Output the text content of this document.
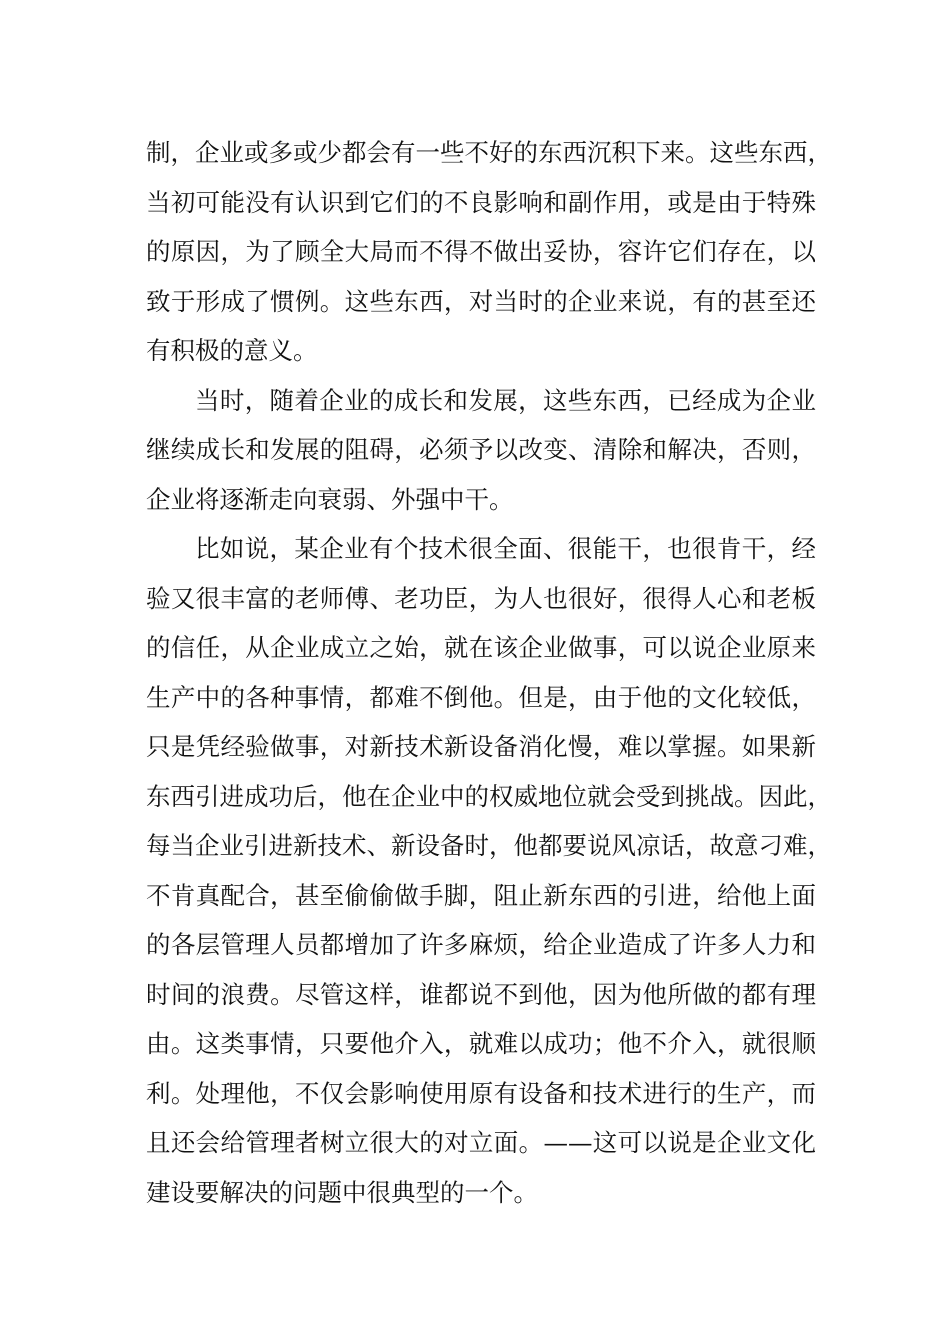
制，企业或多或少都会有一些不好的东西沉积下来。这些东西，
当初可能没有认识到它们的不良影响和副作用，或是由于特殊
的原因，为了顾全大局而不得不做出妥协，容许它们存在，以
致于形成了惯例。这些东西，对当时的企业来说，有的甚至还
有积极的意义。
当时，随着企业的成长和发展，这些东西，已经成为企业
继续成长和发展的阻碍，必须予以改变、清除和解决，否则，
企业将逐渐走向衰弱、外强中干。
比如说，某企业有个技术很全面、很能干，也很肯干，经
验又很丰富的老师傅、老功臣，为人也很好，很得人心和老板
的信任，从企业成立之始，就在该企业做事，可以说企业原来
生产中的各种事情，都难不倒他。但是，由于他的文化较低，
只是凭经验做事，对新技术新设备消化慢，难以掌握。如果新
东西引进成功后，他在企业中的权威地位就会受到挑战。因此，
每当企业引进新技术、新设备时，他都要说风凉话，故意刁难，
不肯真配合，甚至偷偷做手脚，阻止新东西的引进，给他上面
的各层管理人员都增加了许多麻烦，给企业造成了许多人力和
时间的浪费。尽管这样，谁都说不到他，因为他所做的都有理
由。这类事情，只要他介入，就难以成功；他不介入，就很顺
利。处理他，不仅会影响使用原有设备和技术进行的生产，而
且还会给管理者树立很大的对立面。——这可以说是企业文化
建设要解决的问题中很典型的一个。
